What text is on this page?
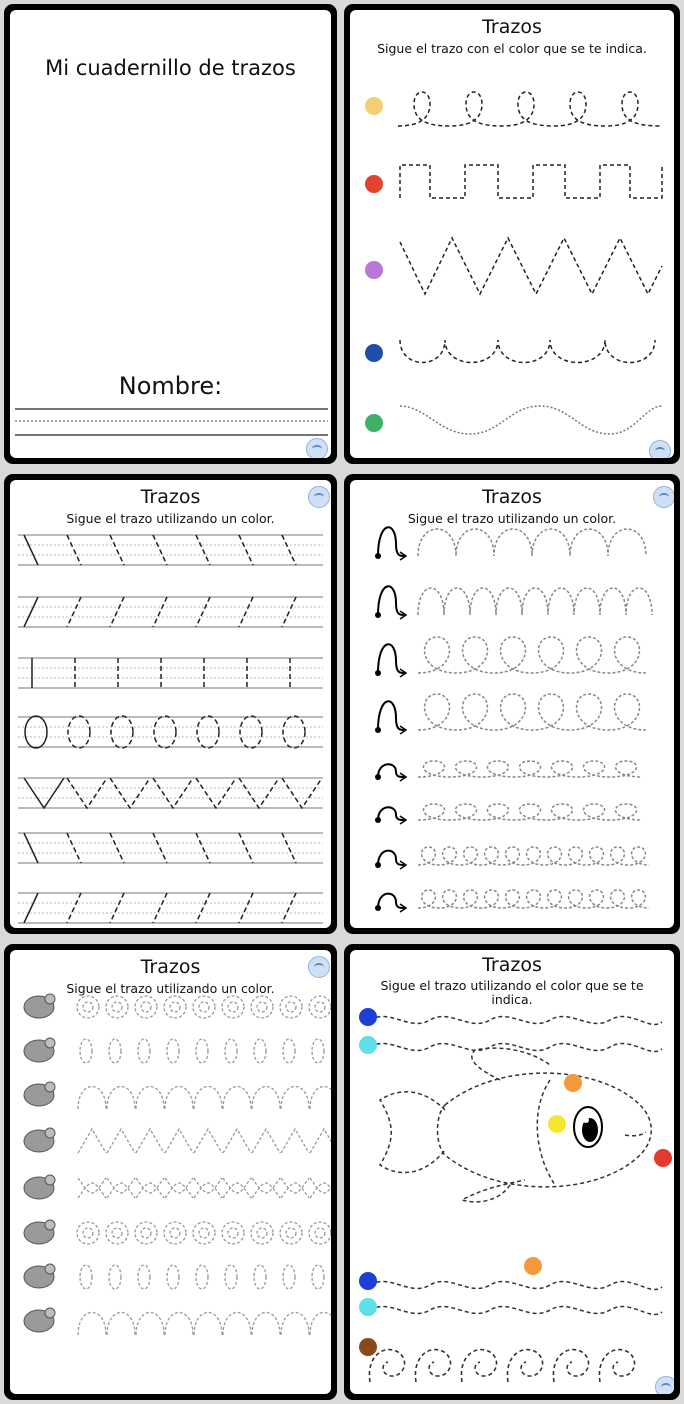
Mi cuadernillo de trazos
Nombre:
Trazos
Sigue el trazo con el color que se te indica.
Trazos
Sigue el trazo utilizando un color.
Trazos
Sigue el trazo utilizando un color.
Trazos
Sigue el trazo utilizando un color.
Trazos
Sigue el trazo utilizando el color que se te indica.
